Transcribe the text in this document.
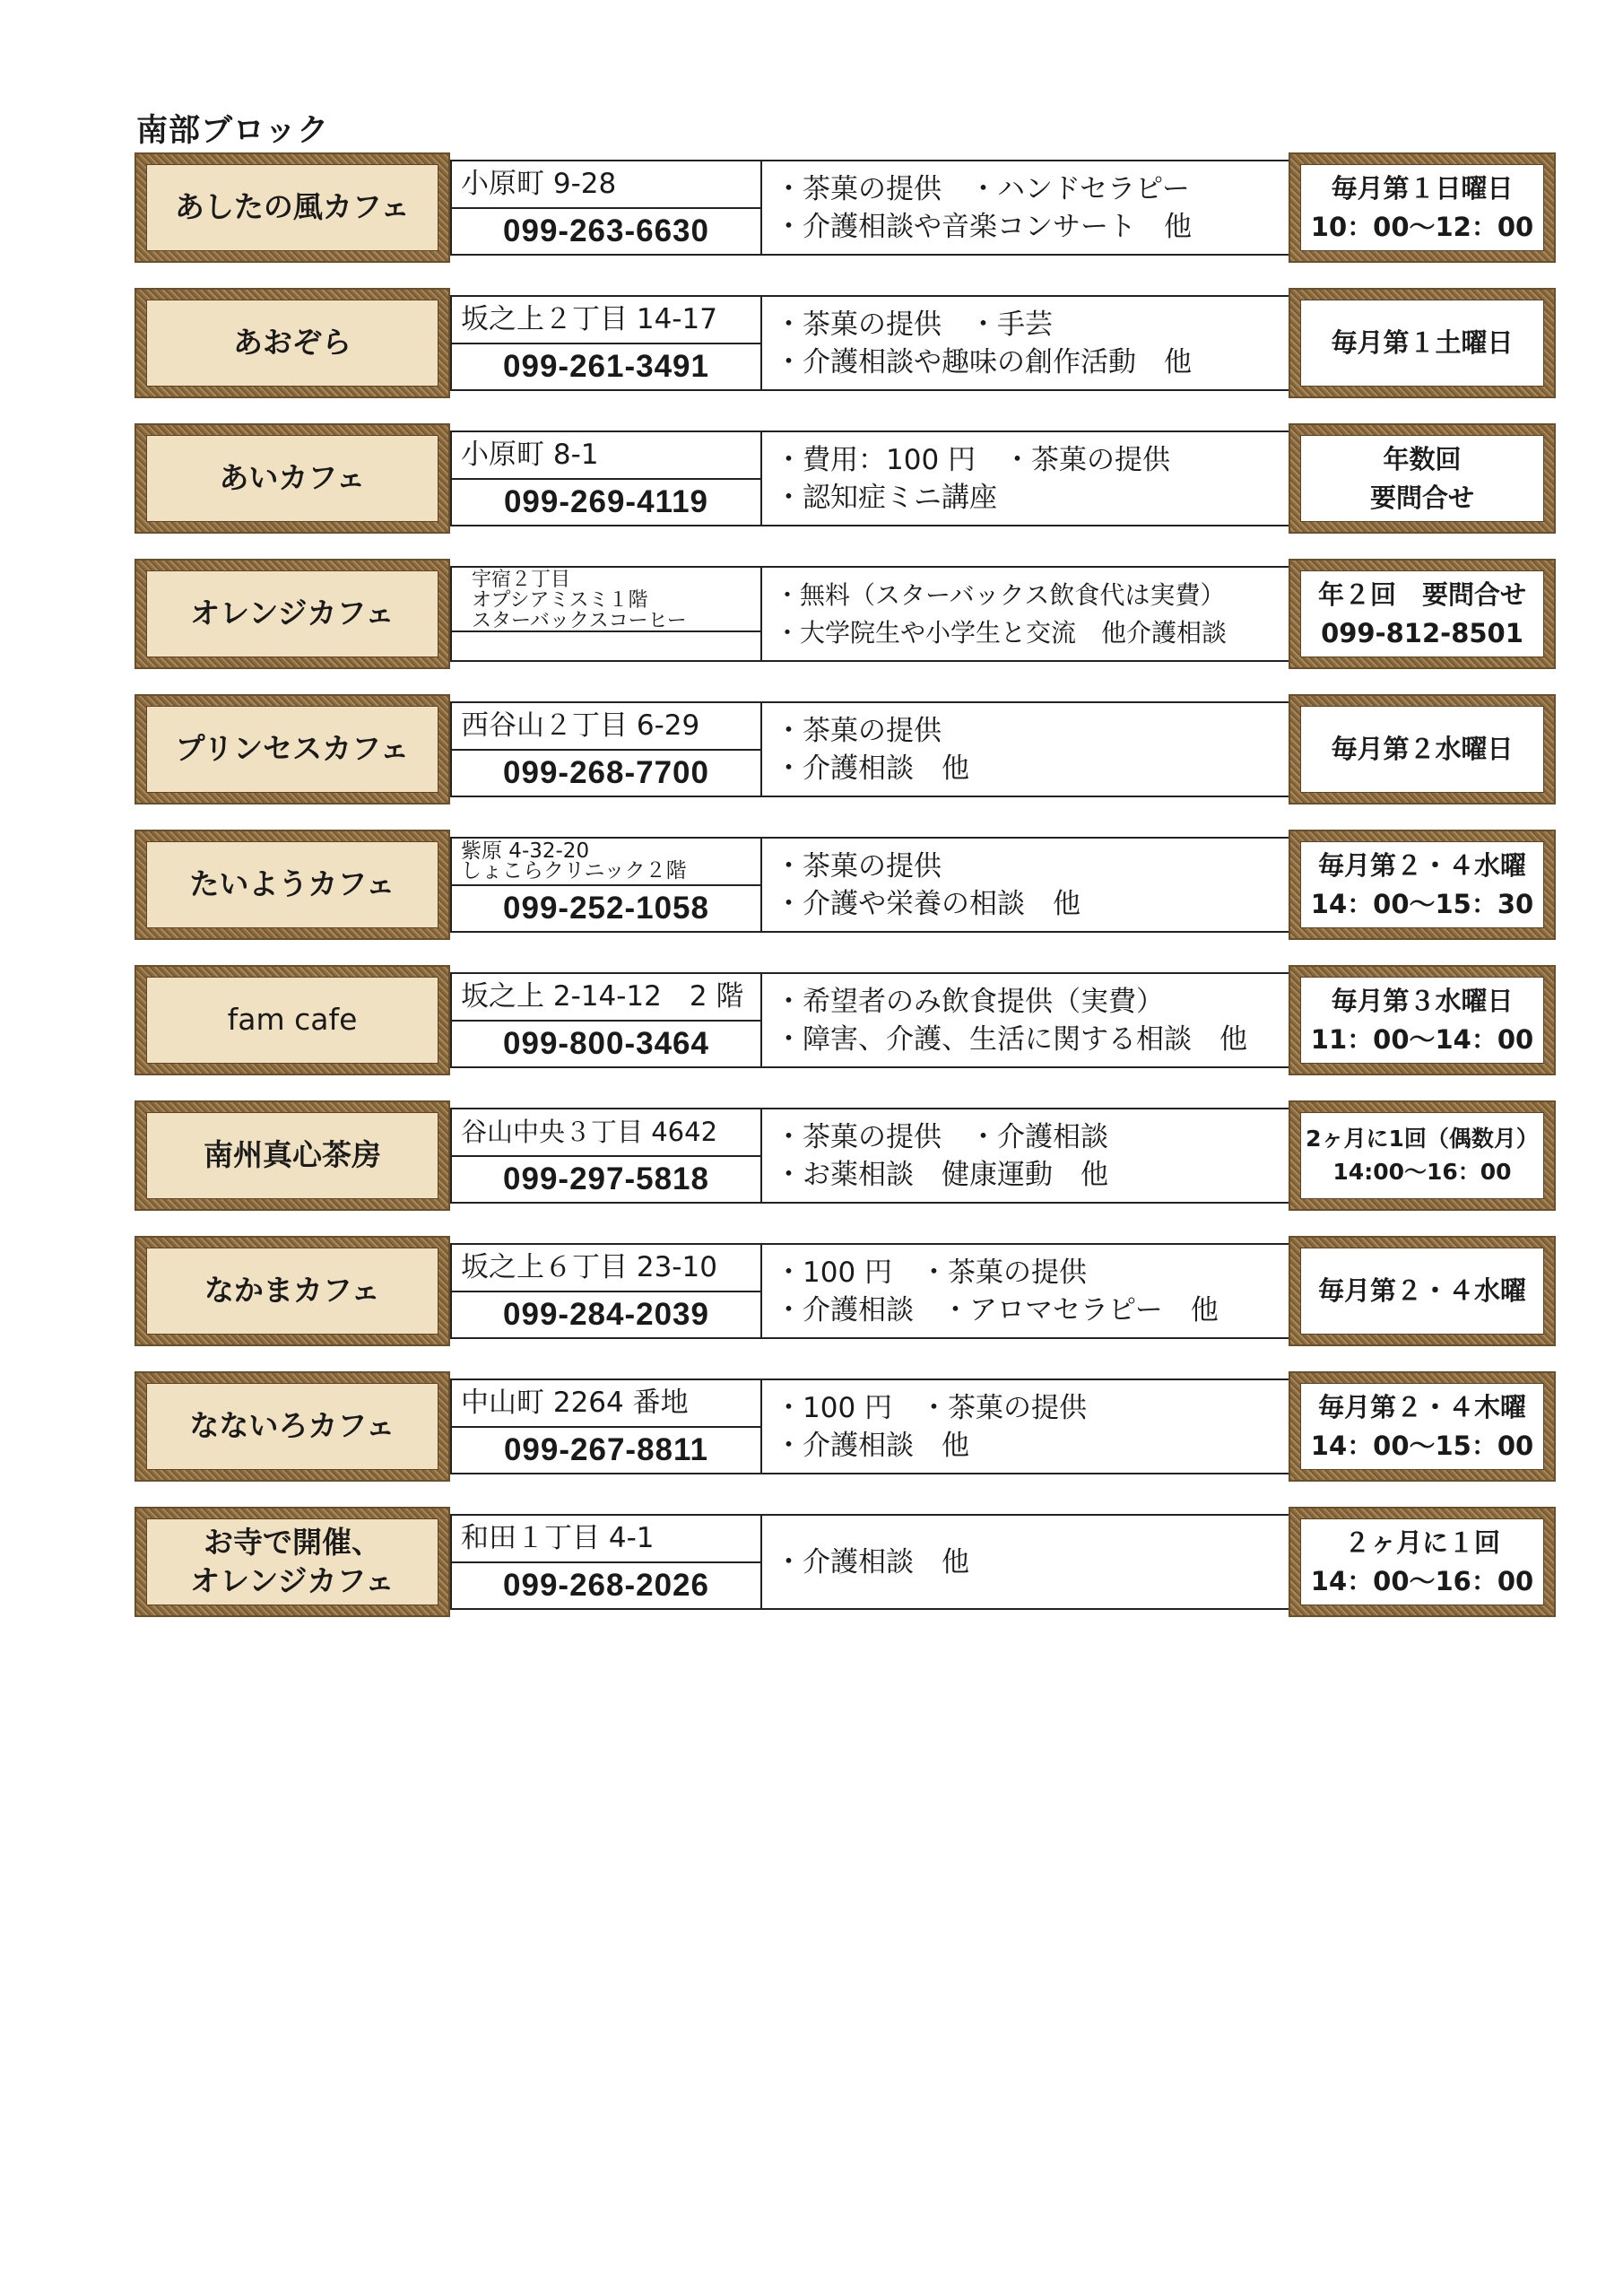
南部ブロック
あしたの風カフェ
小原町 9-28
099-263-6630
・茶菓の提供　・ハンドセラピー
・介護相談や音楽コンサート　他
毎月第１日曜日
10：00～12：00
あおぞら
坂之上２丁目 14-17
099-261-3491
・茶菓の提供　・手芸
・介護相談や趣味の創作活動　他
毎月第１土曜日
あいカフェ
小原町 8-1
099-269-4119
・費用：100 円　・茶菓の提供
・認知症ミニ講座
年数回
要問合せ
オレンジカフェ
宇宿２丁目
オプシアミスミ１階
スターバックスコーヒー
・無料（スターバックス飲食代は実費）
・大学院生や小学生と交流　他介護相談
年２回　要問合せ
099-812-8501
プリンセスカフェ
西谷山２丁目 6-29
099-268-7700
・茶菓の提供
・介護相談　他
毎月第２水曜日
たいようカフェ
紫原 4-32-20
しょこらクリニック２階
099-252-1058
・茶菓の提供
・介護や栄養の相談　他
毎月第２・４水曜
14：00～15：30
fam cafe
坂之上 2-14-12　2 階
099-800-3464
・希望者のみ飲食提供（実費）
・障害、介護、生活に関する相談　他
毎月第３水曜日
11：00～14：00
南州真心茶房
谷山中央３丁目 4642
099-297-5818
・茶菓の提供　・介護相談
・お薬相談　健康運動　他
2ヶ月に1回（偶数月）
14:00～16：00
なかまカフェ
坂之上６丁目 23-10
099-284-2039
・100 円　・茶菓の提供
・介護相談　・アロマセラピー　他
毎月第２・４水曜
なないろカフェ
中山町 2264 番地
099-267-8811
・100 円　・茶菓の提供
・介護相談　他
毎月第２・４木曜
14：00～15：00
お寺で開催、
オレンジカフェ
和田１丁目 4-1
099-268-2026
・介護相談　他
２ヶ月に１回
14：00～16：00
